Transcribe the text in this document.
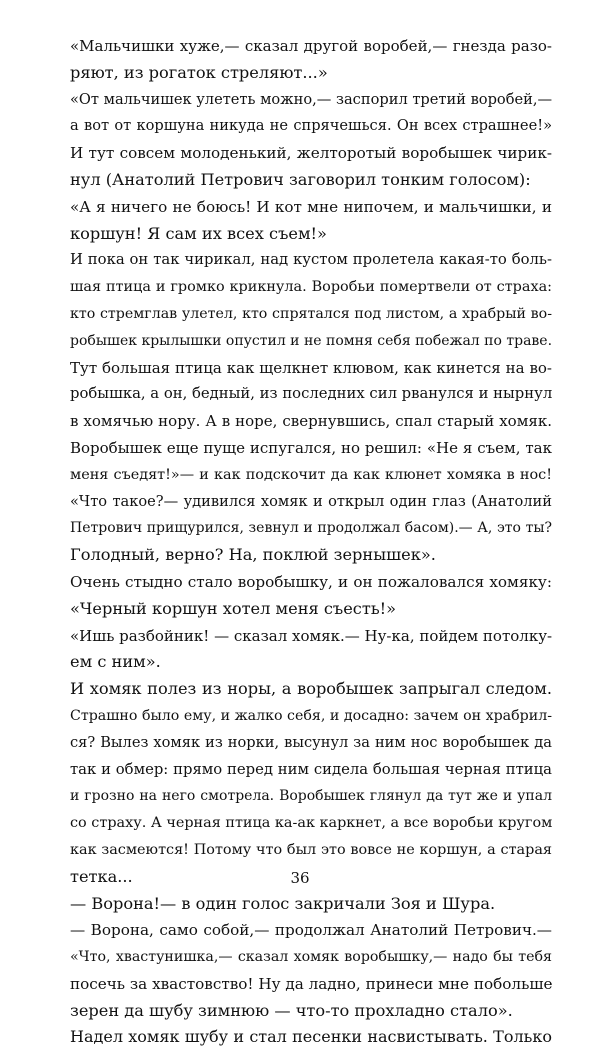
«Мальчишки хуже,— сказал другой воробей,— гнезда разо-
ряют, из рогаток стреляют...»
«От мальчишек улететь можно,— заспорил третий воробей,—
а вот от коршуна никуда не спрячешься. Он всех страшнее!»
И тут совсем молоденький, желторотый воробышек чирик-
нул (Анатолий Петрович заговорил тонким голосом):
«А я ничего не боюсь! И кот мне нипочем, и мальчишки, и
коршун! Я сам их всех съем!»
И пока он так чирикал, над кустом пролетела какая-то боль-
шая птица и громко крикнула. Воробьи помертвели от страха:
кто стремглав улетел, кто спрятался под листом, а храбрый во-
робышек крылышки опустил и не помня себя побежал по траве.
Тут большая птица как щелкнет клювом, как кинется на во-
робышка, а он, бедный, из последних сил рванулся и нырнул
в хомячью нору. А в норе, свернувшись, спал старый хомяк.
Воробышек еще пуще испугался, но решил: «Не я съем, так
меня съедят!»— и как подскочит да как клюнет хомяка в нос!
«Что такое?— удивился хомяк и открыл один глаз (Анатолий
Петрович прищурился, зевнул и продолжал басом).— А, это ты?
Голодный, верно? На, поклюй зернышек».
Очень стыдно стало воробышку, и он пожаловался хомяку:
«Черный коршун хотел меня съесть!»
«Ишь разбойник! — сказал хомяк.— Ну-ка, пойдем потолку-
ем с ним».
И хомяк полез из норы, а воробышек запрыгал следом.
Страшно было ему, и жалко себя, и досадно: зачем он храбрил-
ся? Вылез хомяк из норки, высунул за ним нос воробышек да
так и обмер: прямо перед ним сидела большая черная птица
и грозно на него смотрела. Воробышек глянул да тут же и упал
со страху. А черная птица ка-ак каркнет, а все воробьи кругом
как засмеются! Потому что был это вовсе не коршун, а старая
тетка...
— Ворона!— в один голос закричали Зоя и Шура.
— Ворона, само собой,— продолжал Анатолий Петрович.—
«Что, хвастунишка,— сказал хомяк воробышку,— надо бы тебя
посечь за хвастовство! Ну да ладно, принеси мне побольше
зерен да шубу зимнюю — что-то прохладно стало».
Надел хомяк шубу и стал песенки насвистывать. Только
36
